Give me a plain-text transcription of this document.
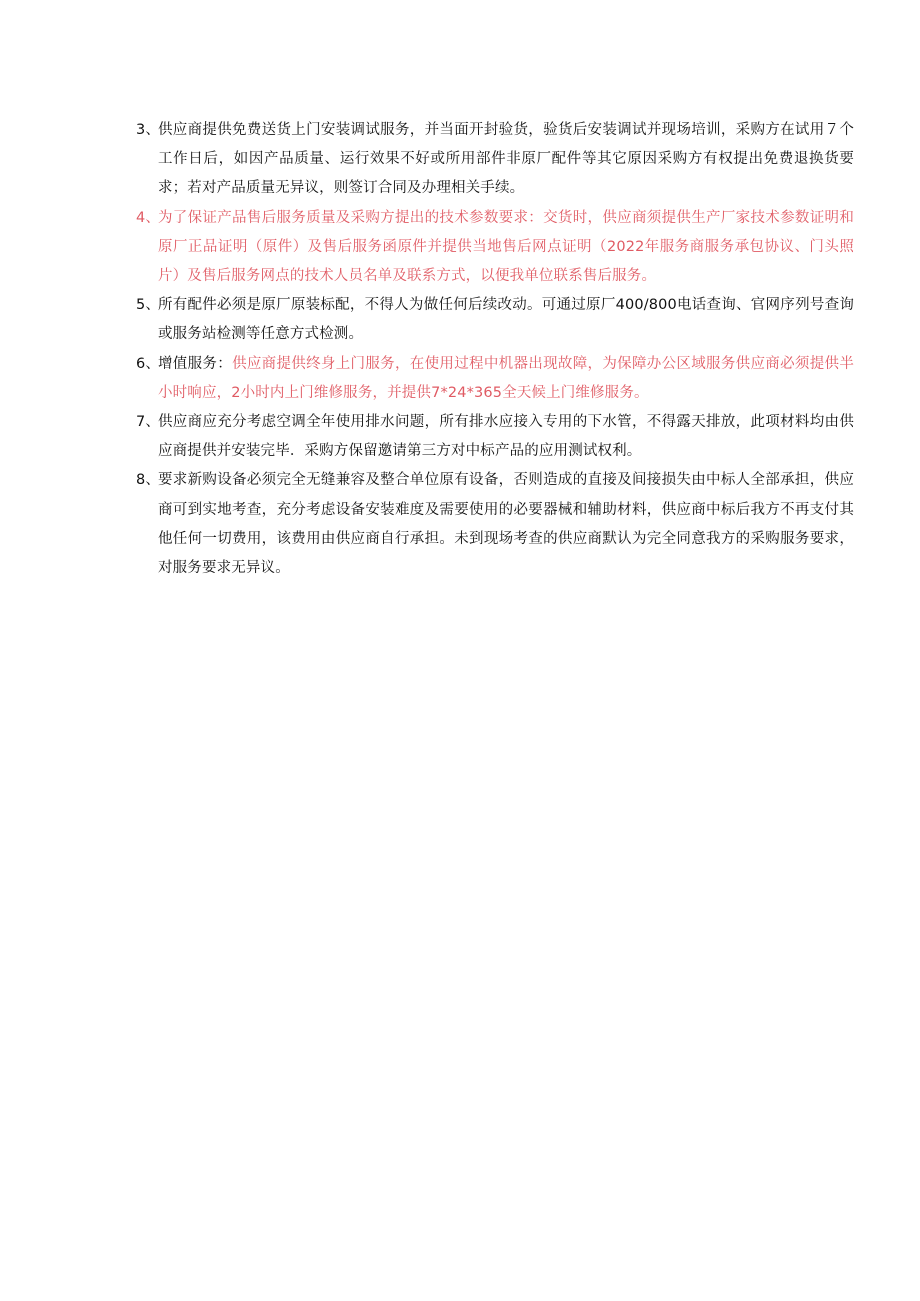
3、
供应商提供免费送货上门安装调试服务，并当面开封验货，验货后安装调试并现场培训，采购方在试用７个工作日后，如因产品质量、运行效果不好或所用部件非原厂配件等其它原因采购方有权提出免费退换货要求；若对产品质量无异议，则签订合同及办理相关手续。
4、
为了保证产品售后服务质量及采购方提出的技术参数要求：交货时，供应商须提供生产厂家技术参数证明和原厂正品证明（原件）及售后服务函原件并提供当地售后网点证明（2022年服务商服务承包协议、门头照片）及售后服务网点的技术人员名单及联系方式，以便我单位联系售后服务。
5、
所有配件必须是原厂原装标配，不得人为做任何后续改动。可通过原厂400/800电话查询、官网序列号查询或服务站检测等任意方式检测。
6、
增值服务：供应商提供终身上门服务，在使用过程中机器出现故障，为保障办公区域服务供应商必须提供半小时响应，2小时内上门维修服务，并提供7*24*365全天候上门维修服务。
7、
供应商应充分考虑空调全年使用排水问题，所有排水应接入专用的下水管，不得露天排放，此项材料均由供应商提供并安装完毕．采购方保留邀请第三方对中标产品的应用测试权利。
8、
要求新购设备必须完全无缝兼容及整合单位原有设备，否则造成的直接及间接损失由中标人全部承担，供应商可到实地考查，充分考虑设备安装难度及需要使用的必要器械和辅助材料，供应商中标后我方不再支付其他任何一切费用，该费用由供应商自行承担。未到现场考查的供应商默认为完全同意我方的采购服务要求，对服务要求无异议。
